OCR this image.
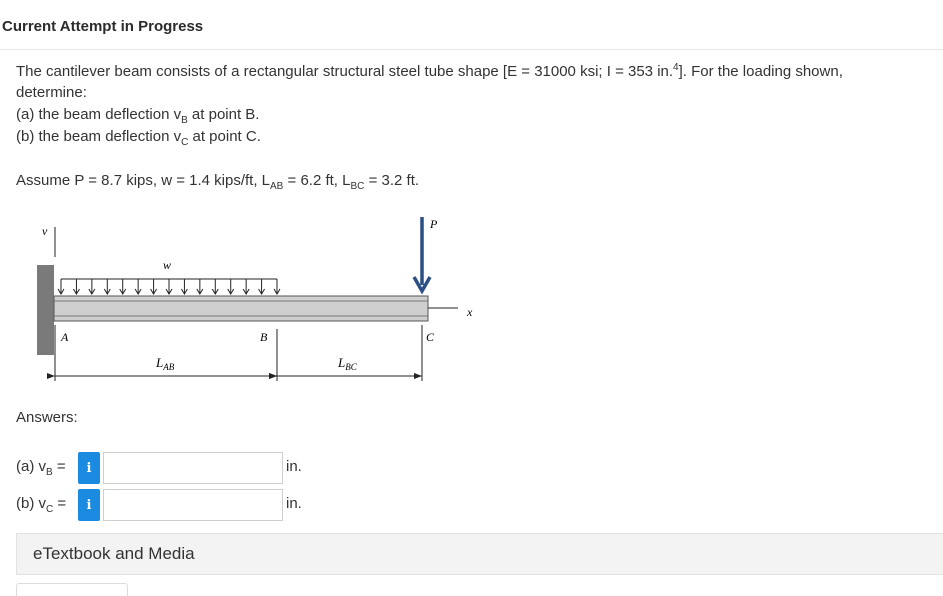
Current Attempt in Progress
The cantilever beam consists of a rectangular structural steel tube shape [E = 31000 ksi; I = 353 in.$^4$]. For the loading shown,
determine:
(a) the beam deflection $v_B$ at point B.
(b) the beam deflection $v_C$ at point C.
Assume P = 8.7 kips, w = 1.4 kips/ft, $L_{AB} = 6.2$ ft, $L_{BC} = 3.2$ ft.
v
w
x
P
A	B	C
$L_{AB}$	$L_{BC}$
Answers:
(a) $v_B = i$	in.
(b) $v_C = i$	in.
eTextbook and Media
